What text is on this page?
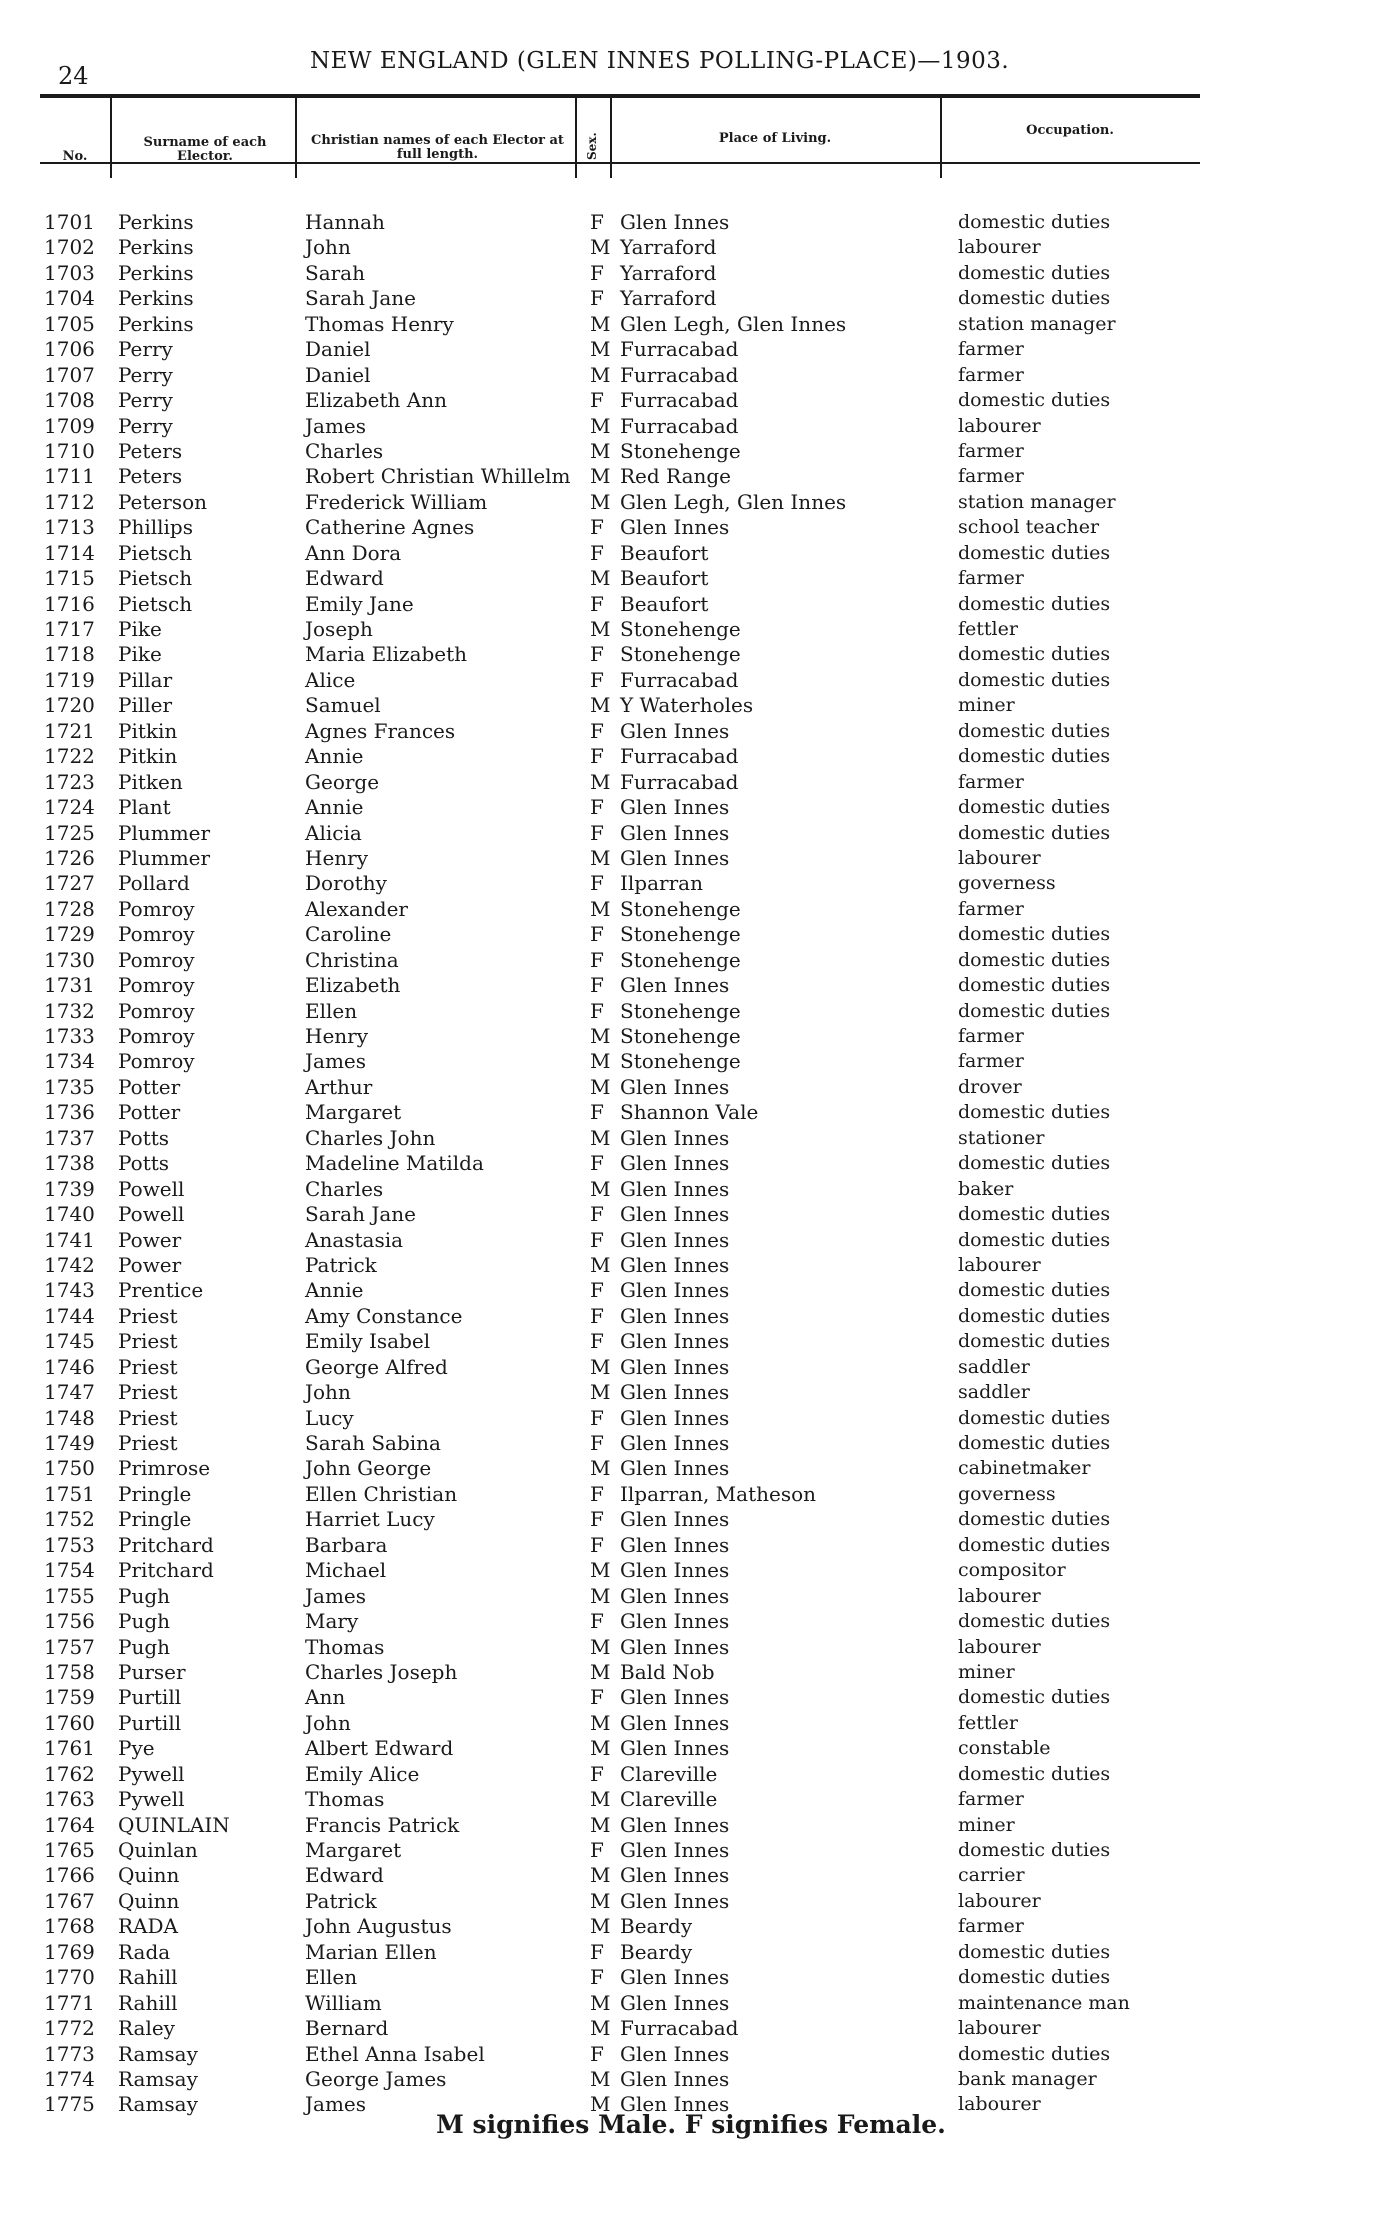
24
NEW ENGLAND (GLEN INNES POLLING-PLACE)—1903.
No.
Surname of each Elector.
Christian names of each Elector at full length.	Sex.	Place of Living.
Occupation.
1701 Perkins	Hannah	F Glen Innes	domestic duties
1702 Perkins	John	M Yarraford	labourer
1703 Perkins	Sarah	F Yarraford	domestic duties
1704 Perkins	Sarah Jane	F Yarraford	domestic duties
1705 Perkins	Thomas Henry	M Glen Legh, Glen Innes	station manager
1706 Perry	Daniel	M Furracabad	farmer
1707 Perry	Daniel	M Furracabad	farmer
1708 Perry	Elizabeth Ann	F Furracabad	domestic duties
1709 Perry	James	M Furracabad	labourer
1710 Peters	Charles	M Stonehenge	farmer
1711 Peters	Robert Christian Whillelm M Red Range	farmer
1712 Peterson	Frederick William	M Glen Legh, Glen Innes	station manager
1713 Phillips	Catherine Agnes	F Glen Innes	school teacher
1714 Pietsch	Ann Dora	F Beaufort	domestic duties
1715 Pietsch	Edward	M Beaufort	farmer
1716 Pietsch	Emily Jane	F Beaufort	domestic duties
1717 Pike	Joseph	M Stonehenge	fettler
1718 Pike	Maria Elizabeth	F Stonehenge	domestic duties
1719 Pillar	Alice	F Furracabad	domestic duties
1720 Piller	Samuel	M Y Waterholes	miner
1721 Pitkin	Agnes Frances	F Glen Innes	domestic duties
1722 Pitkin	Annie	F Furracabad	domestic duties
1723 Pitken	George	M Furracabad	farmer
1724 Plant	Annie	F Glen Innes	domestic duties
1725 Plummer	Alicia	F Glen Innes	domestic duties
1726 Plummer	Henry	M Glen Innes	labourer
1727 Pollard	Dorothy	F Ilparran	governess
1728 Pomroy	Alexander	M Stonehenge	farmer
1729 Pomroy	Caroline	F Stonehenge	domestic duties
1730 Pomroy	Christina	F Stonehenge	domestic duties
1731 Pomroy	Elizabeth	F Glen Innes	domestic duties
1732 Pomroy	Ellen	F Stonehenge	domestic duties
1733 Pomroy	Henry	M Stonehenge	farmer
1734 Pomroy	James	M Stonehenge	farmer
1735 Potter	Arthur	M Glen Innes	drover
1736 Potter	Margaret	F Shannon Vale	domestic duties
1737 Potts	Charles John	M Glen Innes	stationer
1738 Potts	Madeline Matilda	F Glen Innes	domestic duties
1739 Powell	Charles	M Glen Innes	baker
1740 Powell	Sarah Jane	F Glen Innes	domestic duties
1741 Power	Anastasia	F Glen Innes	domestic duties
1742 Power	Patrick	M Glen Innes	labourer
1743 Prentice	Annie	F Glen Innes	domestic duties
1744 Priest	Amy Constance	F Glen Innes	domestic duties
1745 Priest	Emily Isabel	F Glen Innes	domestic duties
1746 Priest	George Alfred	M Glen Innes	saddler
1747 Priest	John	M Glen Innes	saddler
1748 Priest	Lucy	F Glen Innes	domestic duties
1749 Priest	Sarah Sabina	F Glen Innes	domestic duties
1750 Primrose	John George	M Glen Innes	cabinetmaker
1751 Pringle	Ellen Christian	F Ilparran, Matheson	governess
1752 Pringle	Harriet Lucy	F Glen Innes	domestic duties
1753 Pritchard	Barbara	F Glen Innes	domestic duties
1754 Pritchard	Michael	M Glen Innes	compositor
1755 Pugh	James	M Glen Innes	labourer
1756 Pugh	Mary	F Glen Innes	domestic duties
1757 Pugh	Thomas	M Glen Innes	labourer
1758 Purser	Charles Joseph	M Bald Nob	miner
1759 Purtill	Ann	F Glen Innes	domestic duties
1760 Purtill	John	M Glen Innes	fettler
1761 Pye	Albert Edward	M Glen Innes	constable
1762 Pywell	Emily Alice	F Clareville	domestic duties
1763 Pywell	Thomas	M Clareville	farmer
1764 QUINLAIN	Francis Patrick	M Glen Innes	miner
1765 Quinlan	Margaret	F Glen Innes	domestic duties
1766 Quinn	Edward	M Glen Innes	carrier
1767 Quinn	Patrick	M Glen Innes	labourer
1768 RADA	John Augustus	M Beardy	farmer
1769 Rada	Marian Ellen	F Beardy	domestic duties
1770 Rahill	Ellen	F Glen Innes	domestic duties
1771 Rahill	William	M Glen Innes	maintenance man
1772 Raley	Bernard	M Furracabad	labourer
1773 Ramsay	Ethel Anna Isabel	F Glen Innes	domestic duties
1774 Ramsay	George James	M Glen Innes	bank manager
1775 Ramsay	James	M Glen Innes	labourer
M signifies Male. F signifies Female.
